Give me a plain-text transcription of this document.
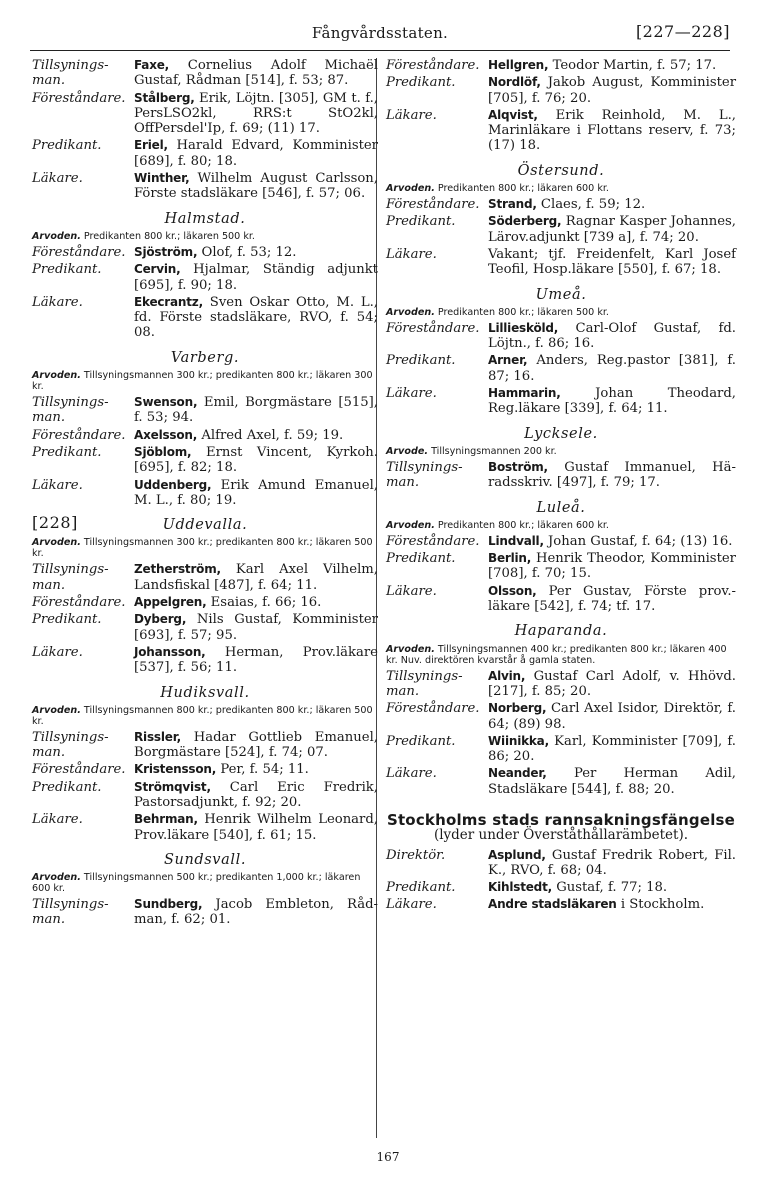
Fångvårdsstaten.	[227—228]
Tillsynings-
man.
Faxe, Cornelius Adolf Michaël Gustaf, Rådman [514], f. 53; 87.
Föreståndare. Stålberg, Erik, Löjtn. [305], GM t. f., PersLSO2kl, RRS:t StO2kl, OffPersdel'Ip, f. 69; (11) 17.
Predikant.	Eriel, Harald Edvard, Komminister [689], f. 80; 18.
Läkare.	Winther, Wilhelm August Carlsson, Förste stadsläkare [546], f. 57; 06.
Halmstad.
Arvoden. Predikanten 800 kr.; läkaren 500 kr.
Föreståndare. Sjöström, Olof, f. 53; 12.
Predikant.	Cervin, Hjalmar, Ständig adjunkt [695], f. 90; 18.
Läkare.	Ekecrantz, Sven Oskar Otto, M. L., fd. Förste stadsläkare, RVO, f. 54; 08.
Varberg.
Arvoden. Tillsyningsmannen 300 kr.; predikanten 800 kr.; läkaren 300 kr.
Tillsynings-
man.
Swenson, Emil, Borgmästare [515], f. 53; 94.
Föreståndare. Axelsson, Alfred Axel, f. 59; 19.
Predikant.	Sjöblom, Ernst Vincent, Kyrkoh. [695], f. 82; 18.
Läkare.	Uddenberg, Erik Amund Emanuel, M. L., f. 80; 19.
[228]	Uddevalla.
Arvoden. Tillsyningsmannen 300 kr.; predikanten 800 kr.; läkaren 500 kr.
Tillsynings-
man.
Zetherström, Karl Axel Vilhelm, Landsfiskal [487], f. 64; 11.
Föreståndare. Appelgren, Esaias, f. 66; 16.
Predikant.	Dyberg, Nils Gustaf, Komminister [693], f. 57; 95.
Läkare.	Johansson, Herman, Prov.läkare [537], f. 56; 11.
Hudiksvall.
Arvoden. Tillsyningsmannen 800 kr.; predikanten 800 kr.; läkaren 500 kr.
Tillsynings-
man.
Rissler, Hadar Gottlieb Emanuel, Borgmästare [524], f. 74; 07.
Föreståndare. Kristensson, Per, f. 54; 11.
Predikant.	Strömqvist, Carl Eric Fredrik, Pastorsadjunkt, f. 92; 20.
Läkare.	Behrman, Henrik Wilhelm Leonard, Prov.läkare [540], f. 61; 15.
Sundsvall.
Arvoden. Tillsyningsmannen 500 kr.; predikanten 1,000 kr.; läkaren 600 kr.
Tillsynings-
man.
Sundberg, Jacob Embleton, Rådman, f. 62; 01.
Föreståndare. Hellgren, Teodor Martin, f. 57; 17.
Predikant.	Nordlöf, Jakob August, Komminister [705], f. 76; 20.
Läkare.	Alqvist, Erik Reinhold, M. L., Marinläkare i Flottans reserv, f. 73; (17) 18.
Östersund.
Arvoden. Predikanten 800 kr.; läkaren 600 kr.
Föreståndare. Strand, Claes, f. 59; 12.
Predikant.	Söderberg, Ragnar Kasper Johannes, Lärov.adjunkt [739 a], f. 74; 20.
Läkare.	Vakant; tjf. Freidenfelt, Karl Josef Teofil, Hosp.läkare [550], f. 67; 18.
Umeå.
Arvoden. Predikanten 800 kr.; läkaren 500 kr.
Föreståndare. Lilliesköld, Carl-Olof Gustaf, fd. Löjtn., f. 86; 16.
Predikant.	Arner, Anders, Reg.pastor [381], f. 87; 16.
Läkare.	Hammarin,	Johan Theodard, Reg.läkare [339], f. 64; 11.
Lycksele.
Arvode. Tillsyningsmannen 200 kr.
Tillsynings-
man.
Boström, Gustaf Immanuel, Häradsskriv. [497], f. 79; 17.
Luleå.
Arvoden. Predikanten 800 kr.; läkaren 600 kr.
Föreståndare. Lindvall, Johan Gustaf, f. 64; (13) 16.
Predikant.	Berlin, Henrik Theodor, Komminister [708], f. 70; 15.
Läkare.	Olsson, Per Gustav, Förste prov.läkare [542], f. 74; tf. 17.
Haparanda.
Arvoden. Tillsyningsmannen 400 kr.; predikanten 800 kr.; läkaren 400 kr. Nuv. direktören kvarstår å gamla staten.
Tillsynings-
man.
Alvin, Gustaf Carl Adolf, v. Hhövd. [217], f. 85; 20.
Föreståndare. Norberg, Carl Axel Isidor, Direktör, f. 64; (89) 98.
Predikant.	Wiinikka, Karl, Komminister [709], f. 86; 20.
Läkare.	Neander, Per Herman Adil, Stadsläkare [544], f. 88; 20.
Stockholms stads rannsakningsfängelse
(lyder under Överståthållarämbetet).
Direktör.	Asplund, Gustaf Fredrik Robert, Fil. K., RVO, f. 68; 04.
Predikant.	Kihlstedt, Gustaf, f. 77; 18.
Läkare.	Andre stadsläkaren i Stockholm.
167
